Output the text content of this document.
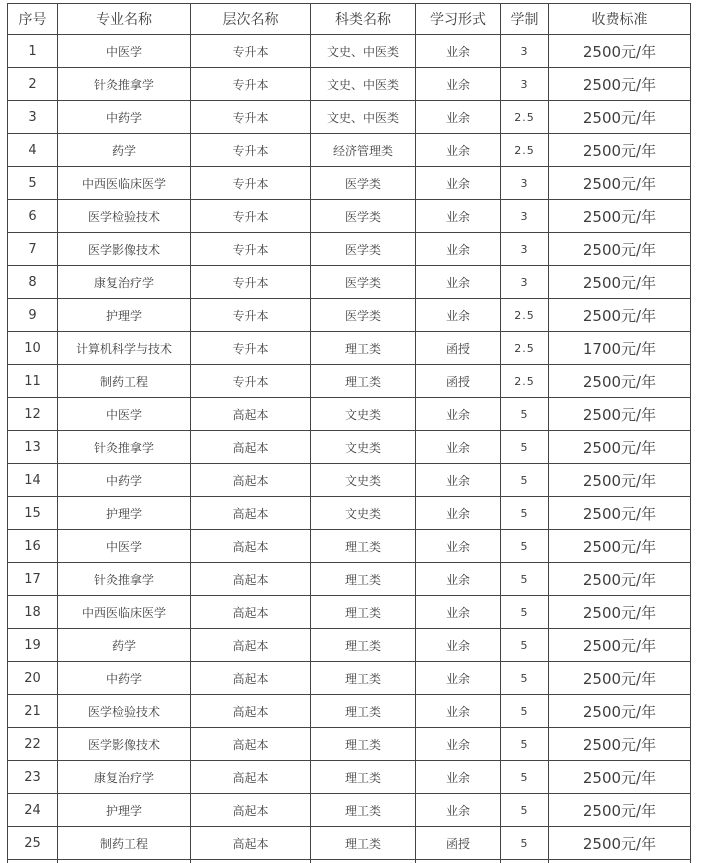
序号	专业名称	层次名称	科类名称	学习形式	学制	收费标准
1	中医学	专升本	文史、中医类	业余	3	2500元/年
2	针灸推拿学	专升本	文史、中医类	业余	3	2500元/年
3	中药学	专升本	文史、中医类	业余	2.5	2500元/年
4	药学	专升本	经济管理类	业余	2.5	2500元/年
5	中西医临床医学	专升本	医学类	业余	3	2500元/年
6	医学检验技术	专升本	医学类	业余	3	2500元/年
7	医学影像技术	专升本	医学类	业余	3	2500元/年
8	康复治疗学	专升本	医学类	业余	3	2500元/年
9	护理学	专升本	医学类	业余	2.5	2500元/年
10	计算机科学与技术	专升本	理工类	函授	2.5	1700元/年
11	制药工程	专升本	理工类	函授	2.5	2500元/年
12	中医学	高起本	文史类	业余	5	2500元/年
13	针灸推拿学	高起本	文史类	业余	5	2500元/年
14	中药学	高起本	文史类	业余	5	2500元/年
15	护理学	高起本	文史类	业余	5	2500元/年
16	中医学	高起本	理工类	业余	5	2500元/年
17	针灸推拿学	高起本	理工类	业余	5	2500元/年
18	中西医临床医学	高起本	理工类	业余	5	2500元/年
19	药学	高起本	理工类	业余	5	2500元/年
20	中药学	高起本	理工类	业余	5	2500元/年
21	医学检验技术	高起本	理工类	业余	5	2500元/年
22	医学影像技术	高起本	理工类	业余	5	2500元/年
23	康复治疗学	高起本	理工类	业余	5	2500元/年
24	护理学	高起本	理工类	业余	5	2500元/年
25	制药工程	高起本	理工类	函授	5	2500元/年
